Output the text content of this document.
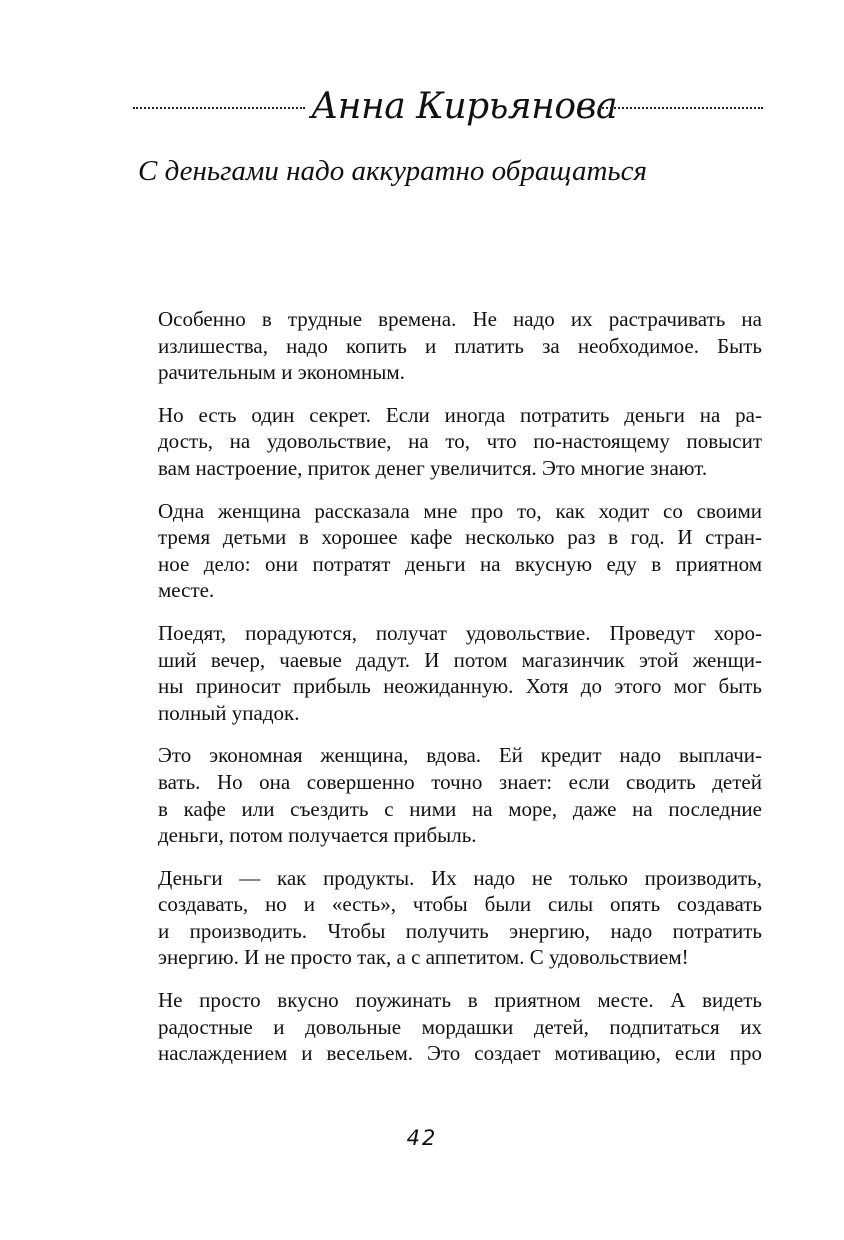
Анна Кирьянова
С деньгами надо аккуратно обращаться

Особенно в трудные времена. Не надо их растрачивать на
излишества, надо копить и платить за необходимое. Быть
рачительным и экономным.

Но есть один секрет. Если иногда потратить деньги на ра-
дость, на удовольствие, на то, что по-настоящему повысит
вам настроение, приток денег увеличится. Это многие знают.

Одна женщина рассказала мне про то, как ходит со своими
тремя детьми в хорошее кафе несколько раз в год. И стран-
ное дело: они потратят деньги на вкусную еду в приятном
месте.

Поедят, порадуются, получат удовольствие. Проведут хоро-
ший вечер, чаевые дадут. И потом магазинчик этой женщи-
ны приносит прибыль неожиданную. Хотя до этого мог быть
полный упадок.

Это экономная женщина, вдова. Ей кредит надо выплачи-
вать. Но она совершенно точно знает: если сводить детей
в кафе или съездить с ними на море, даже на последние
деньги, потом получается прибыль.

Деньги — как продукты. Их надо не только производить,
создавать, но и «есть», чтобы были силы опять создавать
и производить. Чтобы получить энергию, надо потратить
энергию. И не просто так, а с аппетитом. С удовольствием!

Не просто вкусно поужинать в приятном месте. А видеть
радостные и довольные мордашки детей, подпитаться их
наслаждением и весельем. Это создает мотивацию, если про

42
